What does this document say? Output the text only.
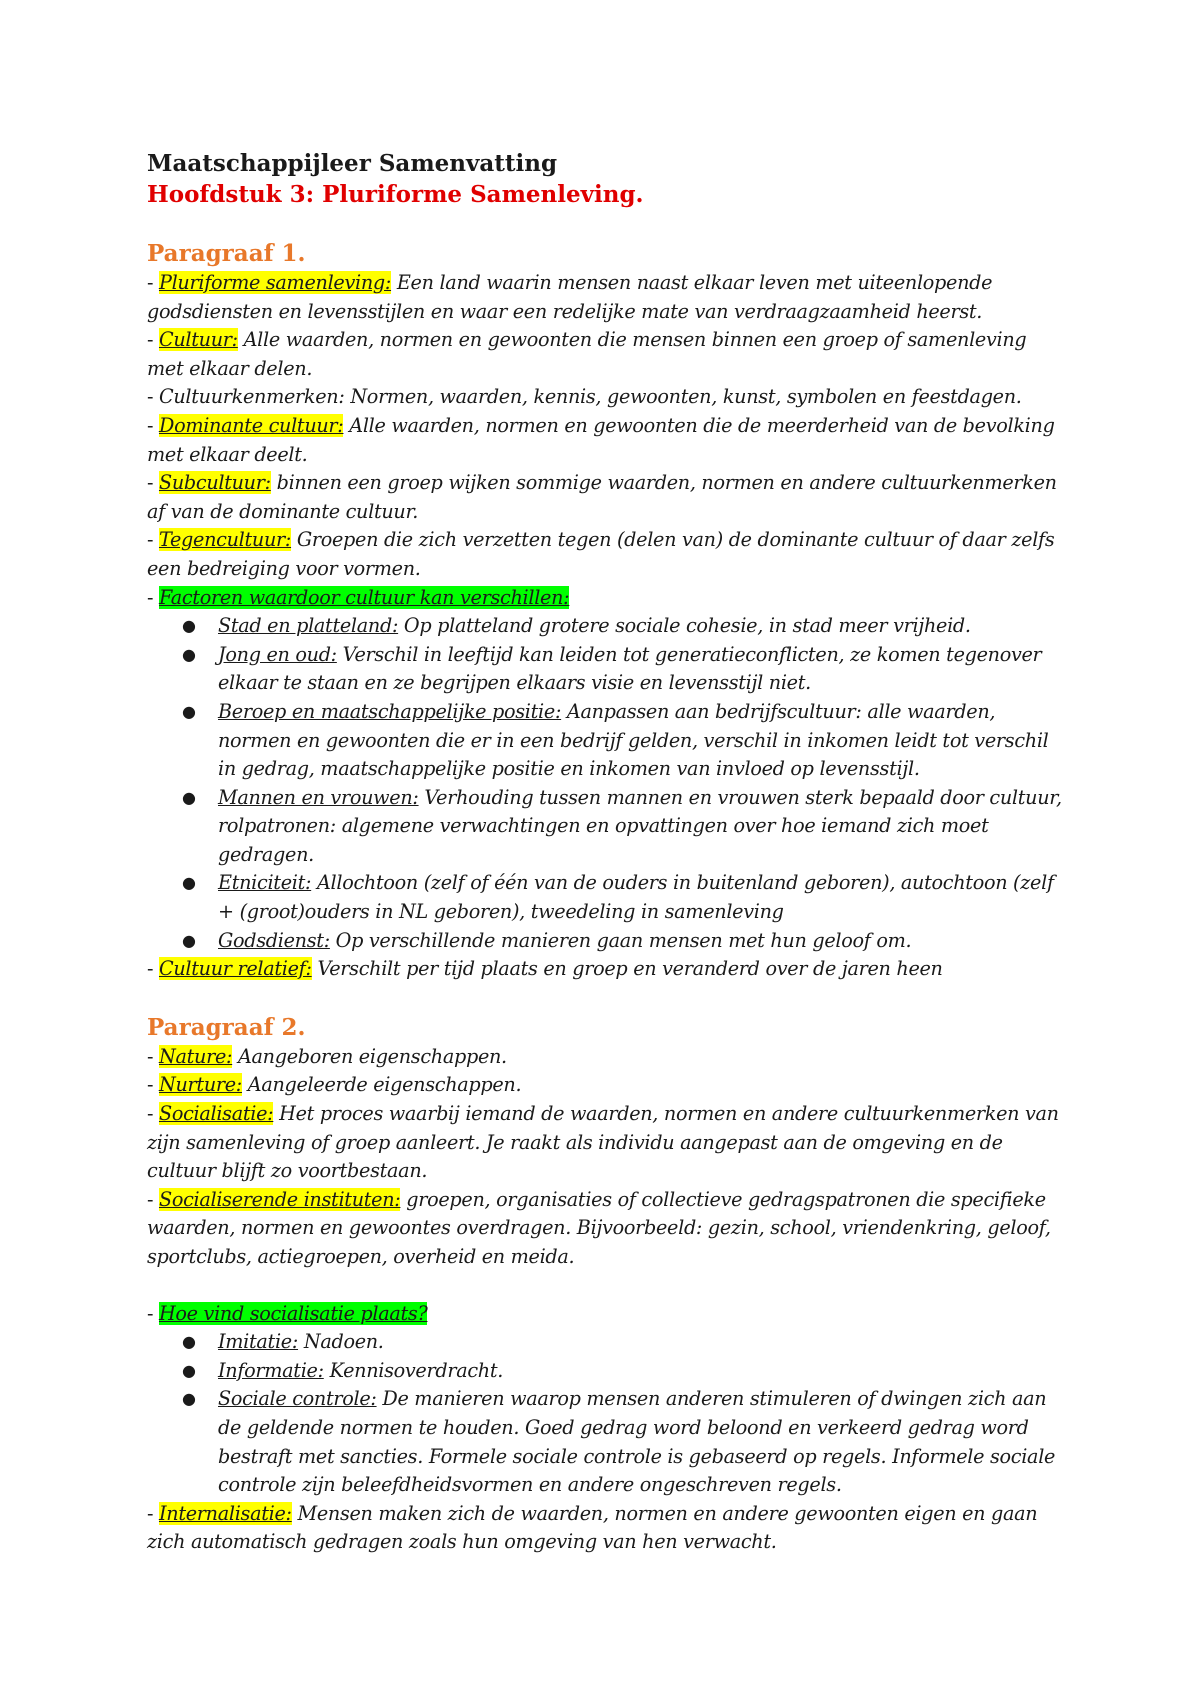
Maatschappijleer Samenvatting
Hoofdstuk 3: Pluriforme Samenleving.
Paragraaf 1.
- Pluriforme samenleving: Een land waarin mensen naast elkaar leven met uiteenlopende godsdiensten en levensstijlen en waar een redelijke mate van verdraagzaamheid heerst.
- Cultuur: Alle waarden, normen en gewoonten die mensen binnen een groep of samenleving met elkaar delen.
- Cultuurkenmerken: Normen, waarden, kennis, gewoonten, kunst, symbolen en feestdagen.
- Dominante cultuur: Alle waarden, normen en gewoonten die de meerderheid van de bevolking met elkaar deelt.
- Subcultuur: binnen een groep wijken sommige waarden, normen en andere cultuurkenmerken af van de dominante cultuur.
- Tegencultuur: Groepen die zich verzetten tegen (delen van) de dominante cultuur of daar zelfs een bedreiging voor vormen.
- Factoren waardoor cultuur kan verschillen:
● Stad en platteland: Op platteland grotere sociale cohesie, in stad meer vrijheid.
● Jong en oud: Verschil in leeftijd kan leiden tot generatieconflicten, ze komen tegenover elkaar te staan en ze begrijpen elkaars visie en levensstijl niet.
● Beroep en maatschappelijke positie: Aanpassen aan bedrijfscultuur: alle waarden, normen en gewoonten die er in een bedrijf gelden, verschil in inkomen leidt tot verschil in gedrag, maatschappelijke positie en inkomen van invloed op levensstijl.
● Mannen en vrouwen: Verhouding tussen mannen en vrouwen sterk bepaald door cultuur, rolpatronen: algemene verwachtingen en opvattingen over hoe iemand zich moet gedragen.
● Etniciteit: Allochtoon (zelf of één van de ouders in buitenland geboren), autochtoon (zelf + (groot)ouders in NL geboren), tweedeling in samenleving
● Godsdienst: Op verschillende manieren gaan mensen met hun geloof om.
- Cultuur relatief: Verschilt per tijd plaats en groep en veranderd over de jaren heen
Paragraaf 2.
- Nature: Aangeboren eigenschappen.
- Nurture: Aangeleerde eigenschappen.
- Socialisatie: Het proces waarbij iemand de waarden, normen en andere cultuurkenmerken van zijn samenleving of groep aanleert. Je raakt als individu aangepast aan de omgeving en de cultuur blijft zo voortbestaan.
- Socialiserende instituten: groepen, organisaties of collectieve gedragspatronen die specifieke waarden, normen en gewoontes overdragen. Bijvoorbeeld: gezin, school, vriendenkring, geloof, sportclubs, actiegroepen, overheid en meida.
- Hoe vind socialisatie plaats?
● Imitatie: Nadoen.
● Informatie: Kennisoverdracht.
● Sociale controle: De manieren waarop mensen anderen stimuleren of dwingen zich aan de geldende normen te houden. Goed gedrag word beloond en verkeerd gedrag word bestraft met sancties. Formele sociale controle is gebaseerd op regels. Informele sociale controle zijn beleefdheidsvormen en andere ongeschreven regels.
- Internalisatie: Mensen maken zich de waarden, normen en andere gewoonten eigen en gaan zich automatisch gedragen zoals hun omgeving van hen verwacht.
